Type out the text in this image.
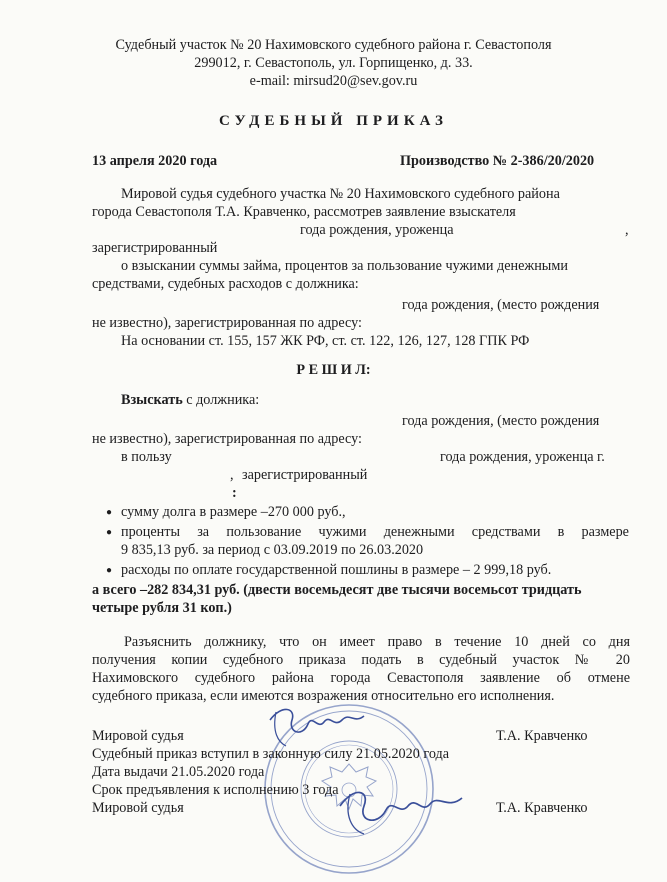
Судебный участок № 20 Нахимовского судебного района г. Севастополя
299012, г. Севастополь, ул. Горпищенко, д. 33.
e-mail: mirsud20@sev.gov.ru
СУДЕБНЫЙ ПРИКАЗ
13 апреля 2020 года	Производство № 2-386/20/2020
Мировой судья судебного участка № 20 Нахимовского судебного района
города Севастополя Т.А. Кравченко, рассмотрев заявление взыскателя
года рождения, уроженца	,
зарегистрированный
о взыскании суммы займа, процентов за пользование чужими денежными
средствами, судебных расходов с должника:
года рождения, (место рождения
не известно), зарегистрированная по адресу:
На основании ст. 155, 157 ЖК РФ, ст. ст. 122, 126, 127, 128 ГПК РФ
Р Е Ш И Л:
Взыскать с должника:
года рождения, (место рождения
не известно), зарегистрированная по адресу:
в пользу	года рождения, уроженца г.
, зарегистрированный
:
● сумму долга в размере –270 000 руб.,
● проценты за пользование чужими денежными средствами в размере
9 835,13 руб. за период с 03.09.2019 по 26.03.2020
● расходы по оплате государственной пошлины в размере – 2 999,18 руб.
а всего –282 834,31 руб. (двести восемьдесят две тысячи восемьсот тридцать
четыре рубля 31 коп.)
Разъяснить должнику, что он имеет право в течение 10 дней со дня
получения копии судебного приказа подать в судебный участок № 20
Нахимовского судебного района города Севастополя заявление об отмене
судебного приказа, если имеются возражения относительно его исполнения.
Мировой судья	Т.А. Кравченко
Судебный приказ вступил в законную силу 21.05.2020 года
Дата выдачи 21.05.2020 года
Срок предъявления к исполнению 3 года
Мировой судья	Т.А. Кравченко
